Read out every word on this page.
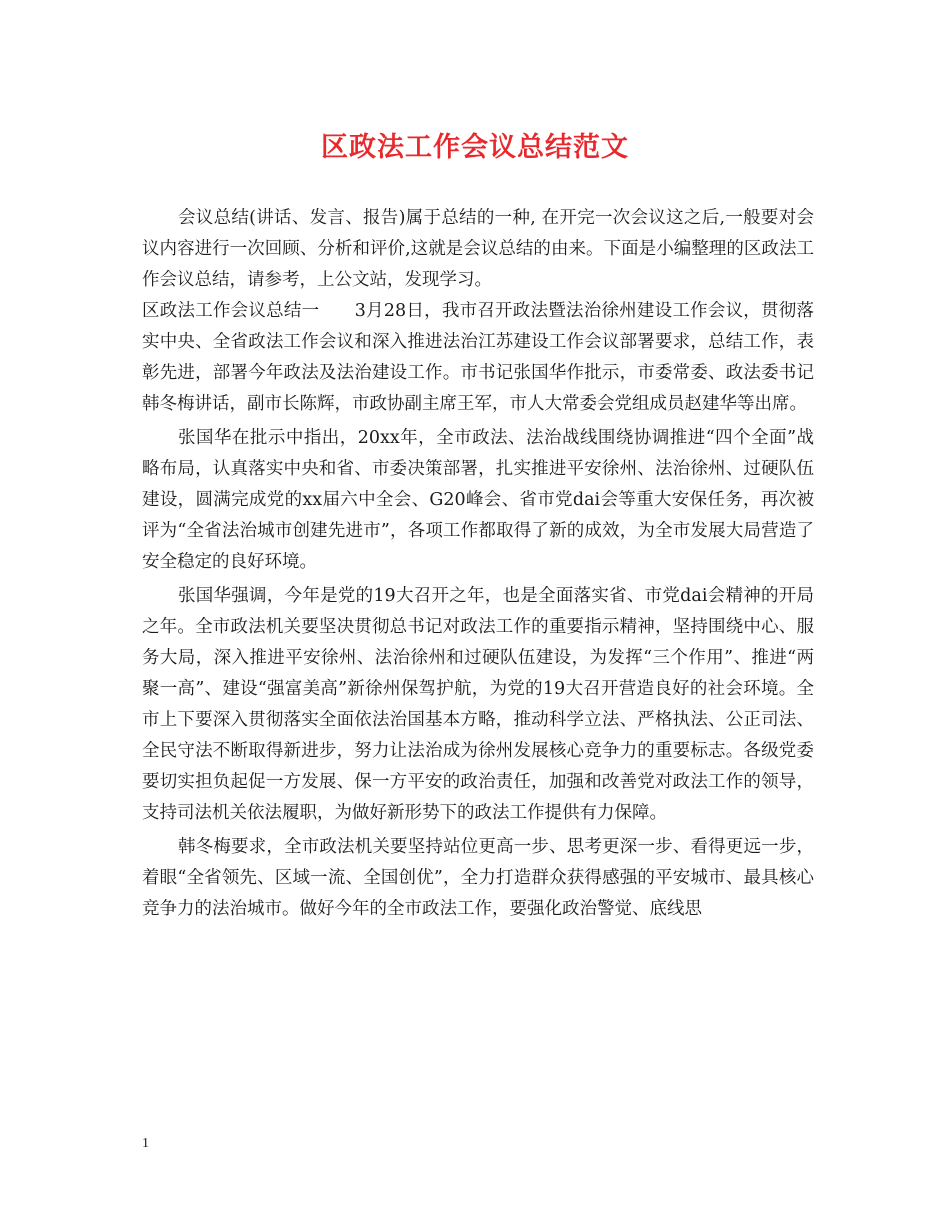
区政法工作会议总结范文

会议总结(讲话、发言、报告)属于总结的一种, 在开完一次会议这之后,一般要对会议内容进行一次回顾、分析和评价,这就是会议总结的由来。下面是小编整理的区政法工作会议总结，请参考，上公文站，发现学习。

区政法工作会议总结一　　3月28日，我市召开政法暨法治徐州建设工作会议，贯彻落实中央、全省政法工作会议和深入推进法治江苏建设工作会议部署要求，总结工作，表彰先进，部署今年政法及法治建设工作。市书记张国华作批示，市委常委、政法委书记韩冬梅讲话，副市长陈辉，市政协副主席王军，市人大常委会党组成员赵建华等出席。

张国华在批示中指出，20xx年，全市政法、法治战线围绕协调推进“四个全面”战略布局，认真落实中央和省、市委决策部署，扎实推进平安徐州、法治徐州、过硬队伍建设，圆满完成党的xx届六中全会、G20峰会、省市党dai会等重大安保任务，再次被评为“全省法治城市创建先进市”，各项工作都取得了新的成效，为全市发展大局营造了安全稳定的良好环境。

张国华强调，今年是党的19大召开之年，也是全面落实省、市党dai会精神的开局之年。全市政法机关要坚决贯彻总书记对政法工作的重要指示精神，坚持围绕中心、服务大局，深入推进平安徐州、法治徐州和过硬队伍建设，为发挥“三个作用”、推进“两聚一高”、建设“强富美高”新徐州保驾护航，为党的19大召开营造良好的社会环境。全市上下要深入贯彻落实全面依法治国基本方略，推动科学立法、严格执法、公正司法、全民守法不断取得新进步，努力让法治成为徐州发展核心竞争力的重要标志。各级党委要切实担负起促一方发展、保一方平安的政治责任，加强和改善党对政法工作的领导，支持司法机关依法履职，为做好新形势下的政法工作提供有力保障。

韩冬梅要求，全市政法机关要坚持站位更高一步、思考更深一步、看得更远一步，着眼“全省领先、区域一流、全国创优”，全力打造群众获得感强的平安城市、最具核心竞争力的法治城市。做好今年的全市政法工作，要强化政治警觉、底线思

1
